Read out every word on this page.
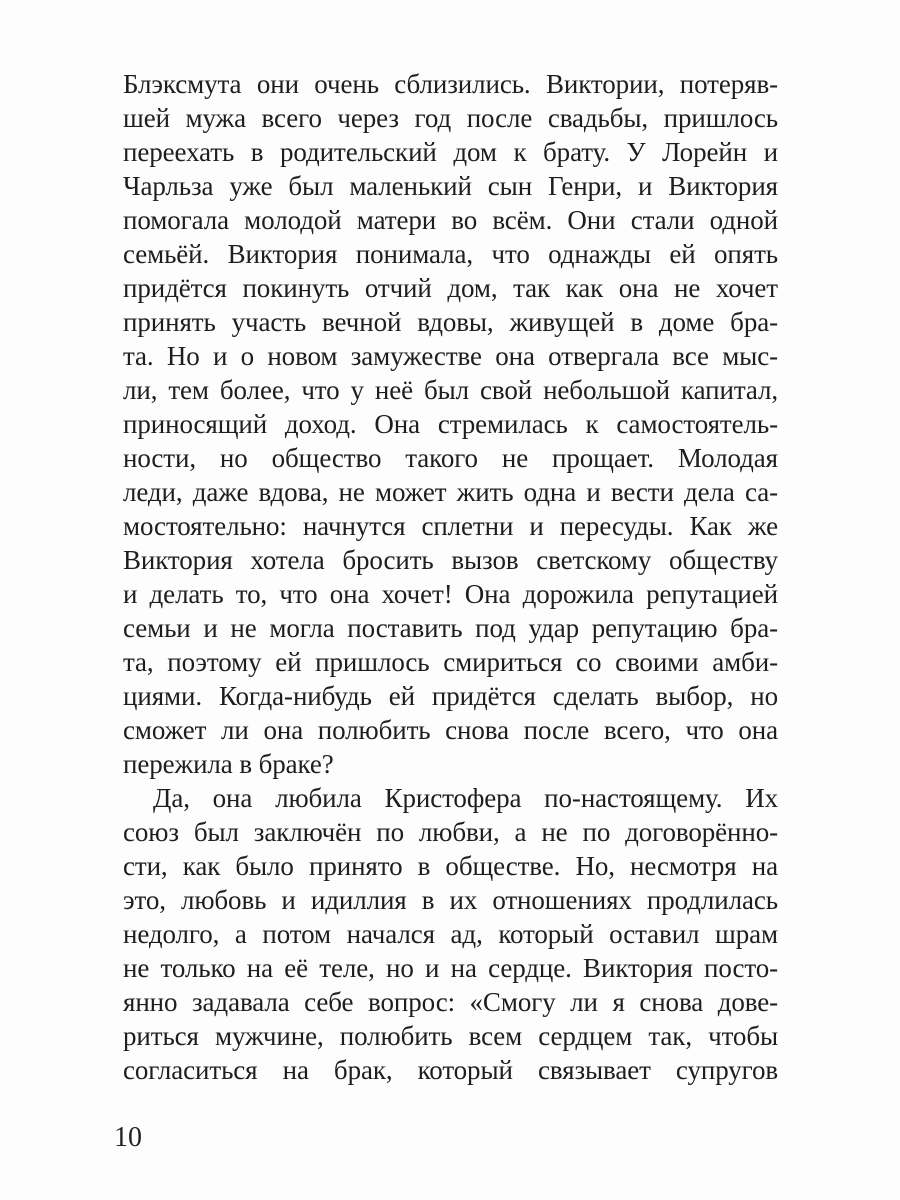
Блэксмута они очень сблизились. Виктории, потеряв-
шей мужа всего через год после свадьбы, пришлось
переехать в родительский дом к брату. У Лорейн и
Чарльза уже был маленький сын Генри, и Виктория
помогала молодой матери во всём. Они стали одной
семьёй. Виктория понимала, что однажды ей опять
придётся покинуть отчий дом, так как она не хочет
принять участь вечной вдовы, живущей в доме бра-
та. Но и о новом замужестве она отвергала все мыс-
ли, тем более, что у неё был свой небольшой капитал,
приносящий доход. Она стремилась к самостоятель-
ности, но общество такого не прощает. Молодая
леди, даже вдова, не может жить одна и вести дела са-
мостоятельно: начнутся сплетни и пересуды. Как же
Виктория хотела бросить вызов светскому обществу
и делать то, что она хочет! Она дорожила репутацией
семьи и не могла поставить под удар репутацию бра-
та, поэтому ей пришлось смириться со своими амби-
циями. Когда-нибудь ей придётся сделать выбор, но
сможет ли она полюбить снова после всего, что она
пережила в браке?
Да, она любила Кристофера по-настоящему. Их
союз был заключён по любви, а не по договорённо-
сти, как было принято в обществе. Но, несмотря на
это, любовь и идиллия в их отношениях продлилась
недолго, а потом начался ад, который оставил шрам
не только на её теле, но и на сердце. Виктория посто-
янно задавала себе вопрос: «Смогу ли я снова дове-
риться мужчине, полюбить всем сердцем так, чтобы
согласиться на брак, который связывает супругов
10
